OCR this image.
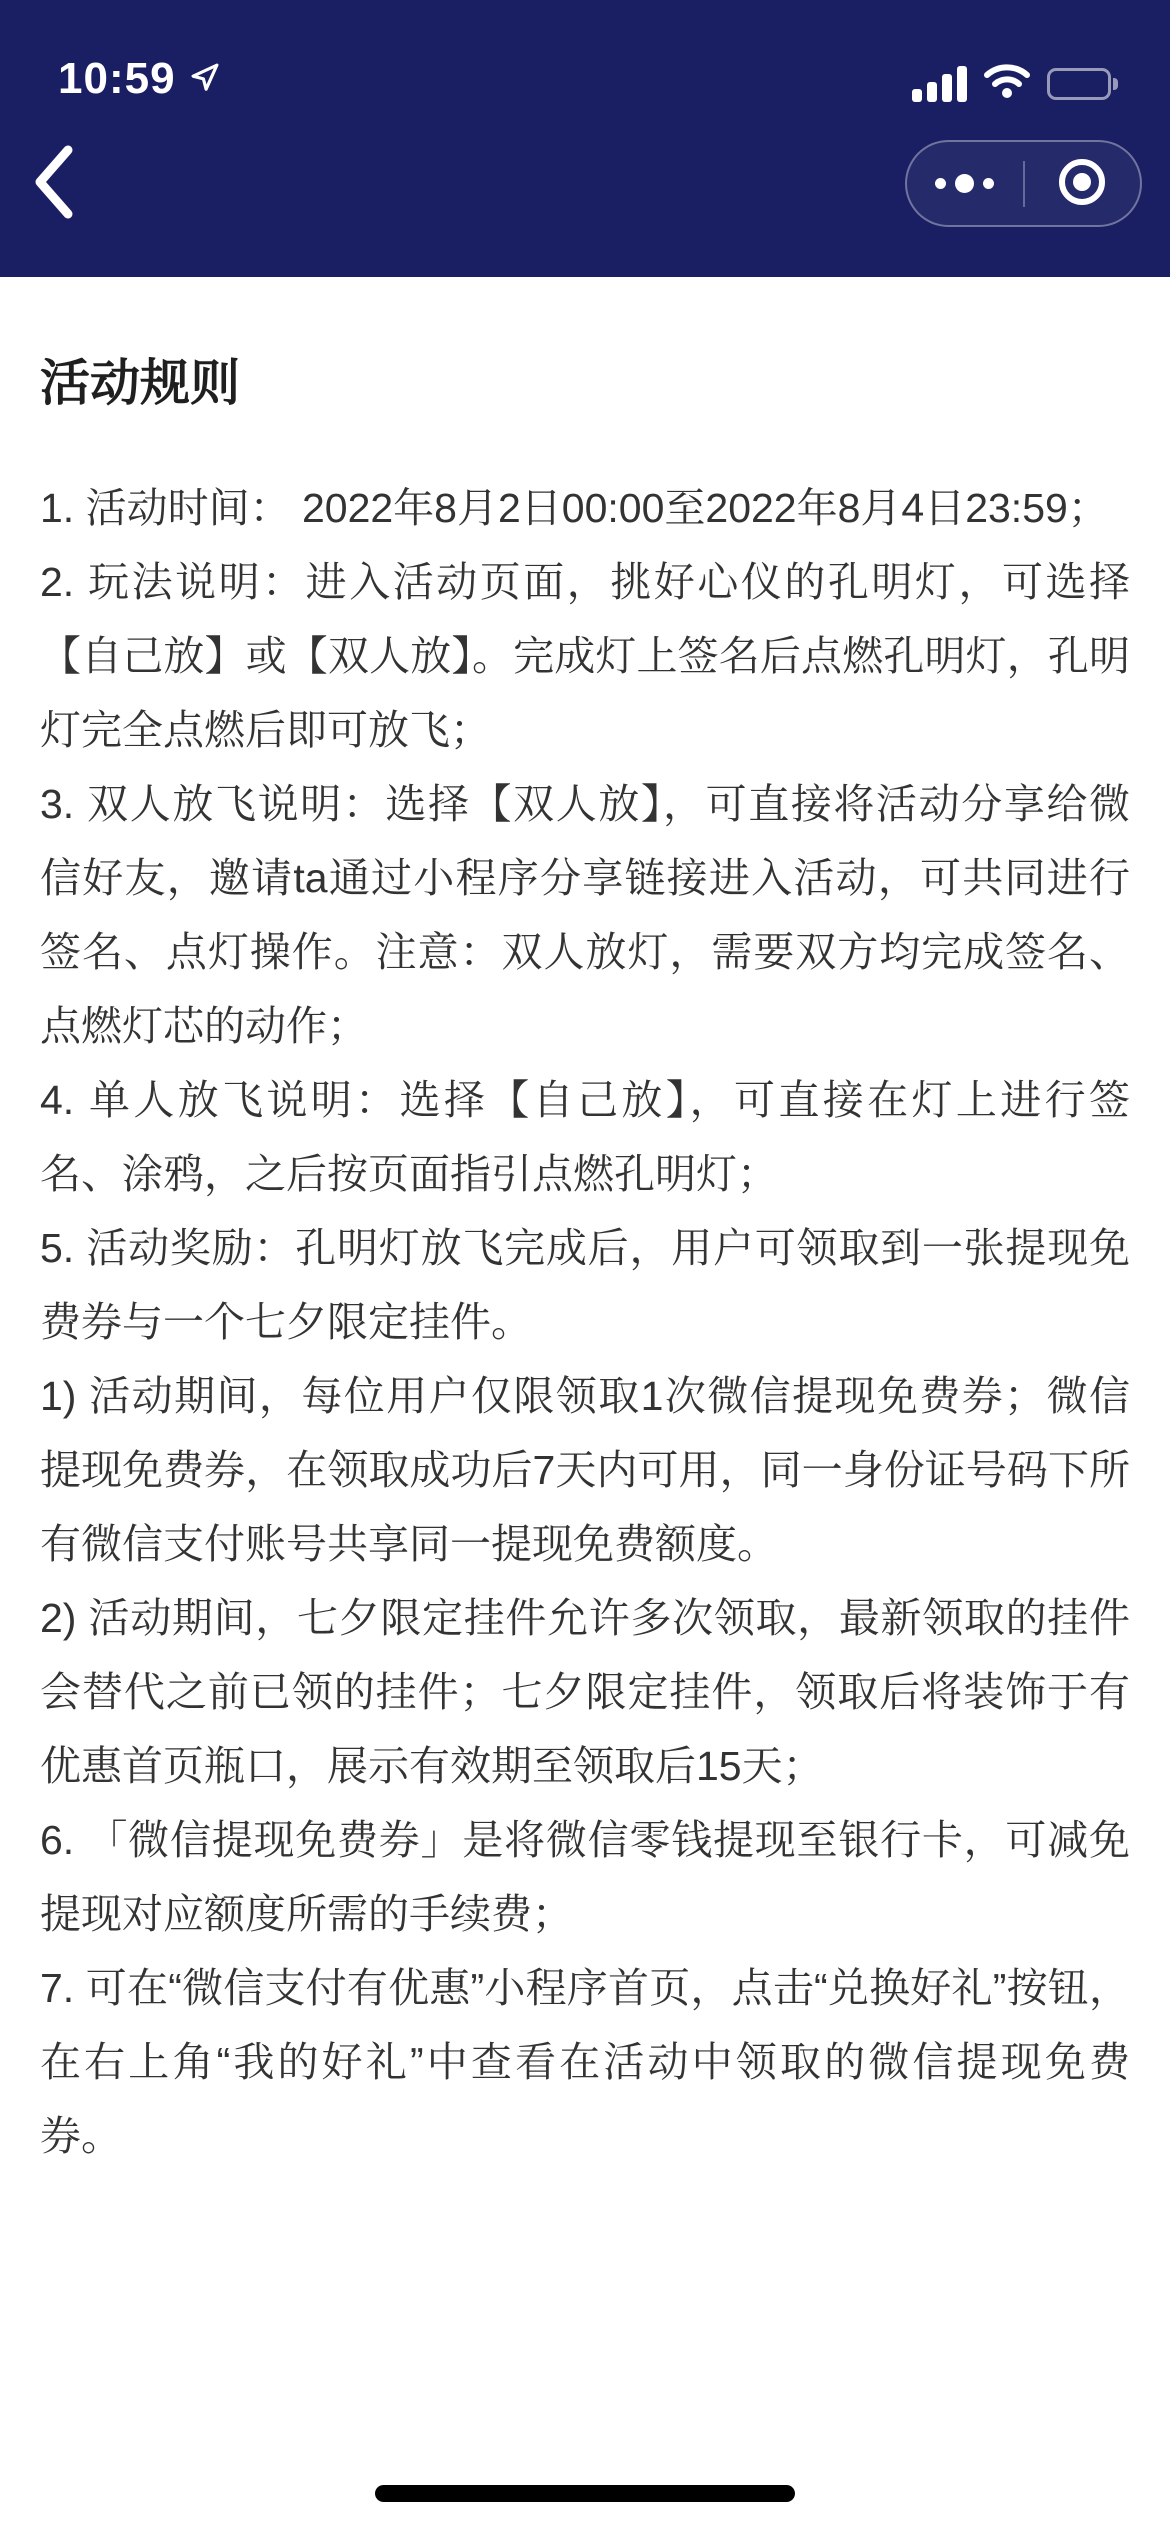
10:59
活动规则

1. 活动时间： 2022年8月2日00:00至2022年8月4日23:59；

2. 玩法说明：进入活动页面，挑好心仪的孔明灯，可选择【自己放】或【双人放】。完成灯上签名后点燃孔明灯，孔明灯完全点燃后即可放飞；

3. 双人放飞说明：选择【双人放】，可直接将活动分享给微信好友，邀请ta通过小程序分享链接进入活动，可共同进行签名、点灯操作。注意：双人放灯，需要双方均完成签名、点燃灯芯的动作；

4. 单人放飞说明：选择【自己放】，可直接在灯上进行签名、涂鸦，之后按页面指引点燃孔明灯；

5. 活动奖励：孔明灯放飞完成后，用户可领取到一张提现免费券与一个七夕限定挂件。

1) 活动期间，每位用户仅限领取1次微信提现免费券；微信提现免费券，在领取成功后7天内可用，同一身份证号码下所有微信支付账号共享同一提现免费额度。

2) 活动期间，七夕限定挂件允许多次领取，最新领取的挂件会替代之前已领的挂件；七夕限定挂件，领取后将装饰于有优惠首页瓶口，展示有效期至领取后15天；

6. 「微信提现免费券」是将微信零钱提现至银行卡，可减免提现对应额度所需的手续费；

7. 可在“微信支付有优惠”小程序首页，点击“兑换好礼”按钮，在右上角“我的好礼”中查看在活动中领取的微信提现免费券。
